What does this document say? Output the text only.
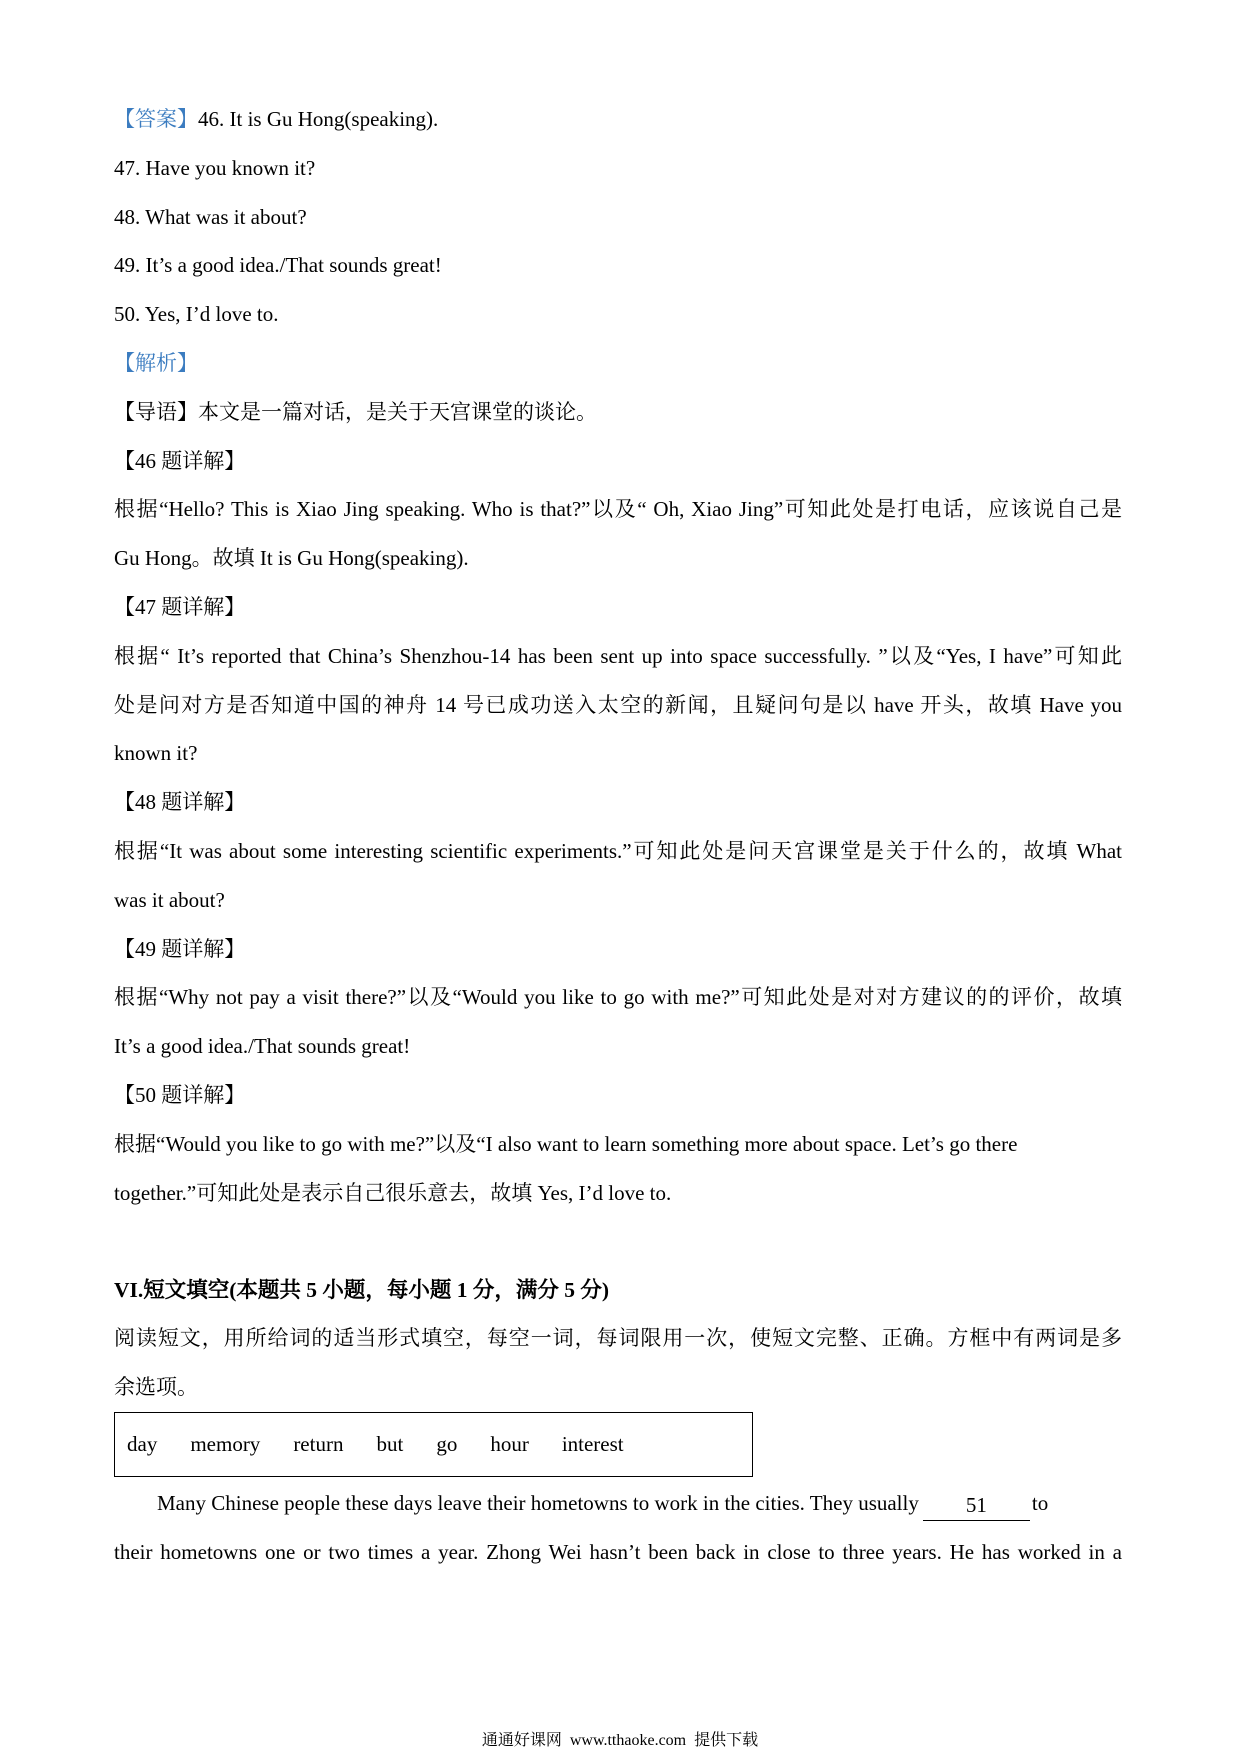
【答案】46. It is Gu Hong(speaking).
47. Have you known it?
48. What was it about?
49. It’s a good idea./That sounds great!
50. Yes, I’d love to.
【解析】
【导语】本文是一篇对话，是关于天宫课堂的谈论。
【46 题详解】
根据“Hello? This is Xiao Jing speaking. Who is that?”以及“ Oh, Xiao Jing”可知此处是打电话，应该说自己是
Gu Hong。故填 It is Gu Hong(speaking).
【47 题详解】
根据“ It’s reported that China’s Shenzhou-14 has been sent up into space successfully. ”以及“Yes, I have”可知此
处是问对方是否知道中国的神舟 14 号已成功送入太空的新闻，且疑问句是以 have 开头，故填 Have you
known it?
【48 题详解】
根据“It was about some interesting scientific experiments.”可知此处是问天宫课堂是关于什么的，故填 What
was it about?
【49 题详解】
根据“Why not pay a visit there?”以及“Would you like to go with me?”可知此处是对对方建议的的评价，故填
It’s a good idea./That sounds great!
【50 题详解】
根据“Would you like to go with me?”以及“I also want to learn something more about space. Let’s go there
together.”可知此处是表示自己很乐意去，故填 Yes, I’d love to.
VI.短文填空(本题共 5 小题，每小题 1 分，满分 5 分)
阅读短文，用所给词的适当形式填空，每空一词，每词限用一次，使短文完整、正确。方框中有两词是多
余选项。
day memory return but go hour interest
Many Chinese people these days leave their hometowns to work in the cities. They usually 51 to
their hometowns one or two times a year. Zhong Wei hasn’t been back in close to three years. He has worked in a
通通好课网  www.tthaoke.com  提供下载
